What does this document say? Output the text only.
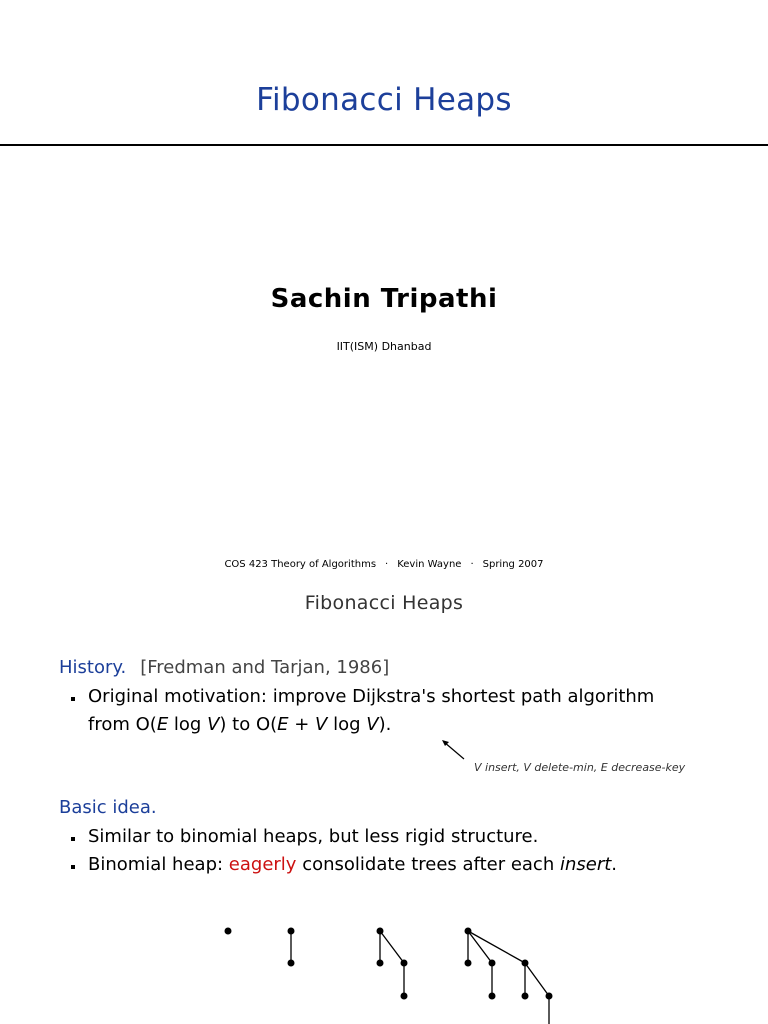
Fibonacci Heaps
Sachin Tripathi
IIT(ISM) Dhanbad
COS 423 Theory of Algorithms · Kevin Wayne · Spring 2007
Fibonacci Heaps
History. [Fredman and Tarjan, 1986]
Original motivation: improve Dijkstra's shortest path algorithm
from O(E log V) to O(E + V log V).
V insert, V delete-min, E decrease-key
Basic idea.
Similar to binomial heaps, but less rigid structure.
Binomial heap: eagerly consolidate trees after each insert.
